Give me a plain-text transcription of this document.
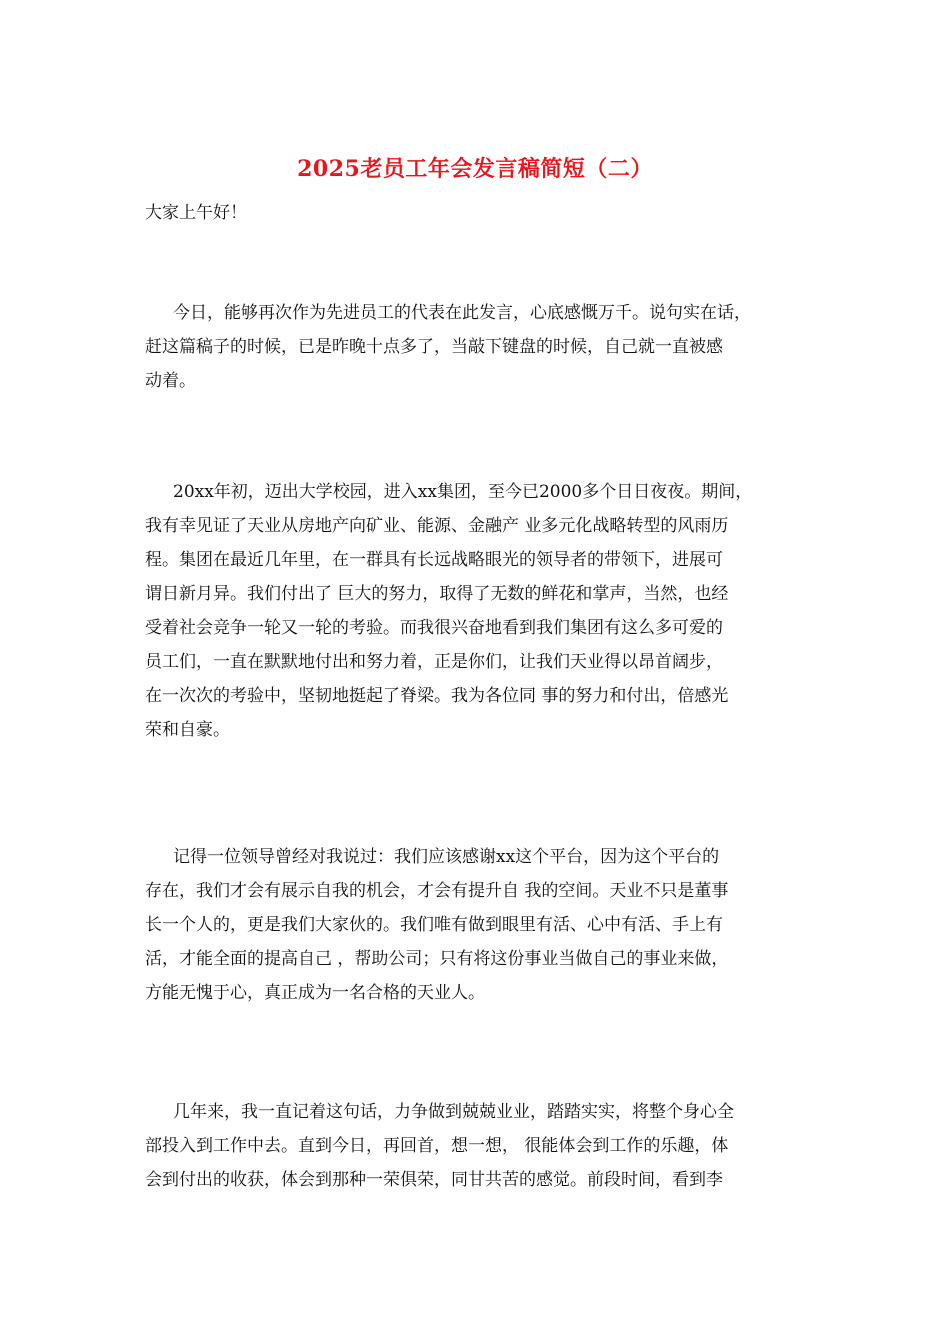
2025老员工年会发言稿简短（二）
大家上午好！
今日，能够再次作为先进员工的代表在此发言，心底感慨万千。说句实在话，
赶这篇稿子的时候，已是昨晚十点多了，当敲下键盘的时候，自己就一直被感
动着。
20xx年初，迈出大学校园，进入xx集团，至今已2000多个日日夜夜。期间，
我有幸见证了天业从房地产向矿业、能源、金融产 业多元化战略转型的风雨历
程。集团在最近几年里，在一群具有长远战略眼光的领导者的带领下，进展可
谓日新月异。我们付出了 巨大的努力，取得了无数的鲜花和掌声，当然，也经
受着社会竞争一轮又一轮的考验。而我很兴奋地看到我们集团有这么多可爱的
员工们，一直在默默地付出和努力着，正是你们，让我们天业得以昂首阔步，
在一次次的考验中，坚韧地挺起了脊梁。我为各位同 事的努力和付出，倍感光
荣和自豪。
记得一位领导曾经对我说过：我们应该感谢xx这个平台，因为这个平台的
存在，我们才会有展示自我的机会，才会有提升自 我的空间。天业不只是董事
长一个人的，更是我们大家伙的。我们唯有做到眼里有活、心中有活、手上有
活，才能全面的提高自己 ，帮助公司；只有将这份事业当做自己的事业来做，
方能无愧于心，真正成为一名合格的天业人。
几年来，我一直记着这句话，力争做到兢兢业业，踏踏实实，将整个身心全
部投入到工作中去。直到今日，再回首，想一想， 很能体会到工作的乐趣，体
会到付出的收获，体会到那种一荣俱荣，同甘共苦的感觉。前段时间，看到李
